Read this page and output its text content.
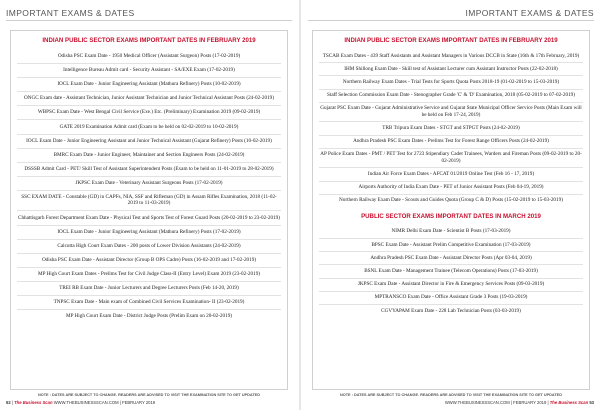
IMPORTANT EXAMS & DATES
INDIAN PUBLIC SECTOR EXAMS IMPORTANT DATES IN FEBRUARY 2019
Odisha PSC Exam Date - 1950 Medical Officer (Assistant Surgeon) Posts (17-02-2019)
Intelligence Bureau Admit card - Security Assistant - SA/EXE Exam (17-02-2019)
IOCL Exam Date - Junior Engineering Assistant (Mathura Refinery) Posts (10-02-2019)
ONGC Exam date - Assistant Technician, Junior Assistant Technician and Junior Technical Assistant Posts (24-02-2019)
WBPSC Exam Date - West Bengal Civil Service (Exe.) Etc. (Preliminary) Examination 2019 (09-02-2019)
GATE 2019 Examination Admit card (Exam to be held on 02-02-2019 to 10-02-2019)
IOCL Exam Date - Junior Engineering Assistant and Junior Technical Assistant (Gujarat Refinery) Posts (10-02-2019)
BMRC Exam Date - Junior Engineer, Maintainer and Section Engineers Posts (24-02-2019)
DSSSB Admit Card - PET/ Skill Test of Assistant Superintendent Posts (Exam to be held on 11-01-2019 to 28-02-2019)
JKPSC Exam Date - Veterinary Assistant Surgeons Posts (17-02-2019)
SSC EXAM DATE - Constable (GD) in CAPFs, NIA, SSF and Rifleman (GD) in Assam Rifles Examination, 2018 (11-02-2019 to 11-03-2019)
Chhattisgarh Forest Department Exam Date - Physical Test and Sports Test of Forest Guard Posts (20-02-2019 to 23-02-2019)
IOCL Exam Date - Junior Engineering Assistant (Mathura Refinery) Posts (17-02-2019)
Calcutta High Court Exam Dates - 200 posts of Lower Division Assistants (24-02-2019)
Odisha PSC Exam Date - Assistant Director (Group B OPS Cadre) Posts (16-02-2019 and 17-02-2019)
MP High Court Exam Dates - Prelims Test for Civil Judge Class-II (Entry Level) Exam 2019 (23-02-2019)
TREI RB Exam Date - Junior Lecturers and Degree Lecturers Posts (Feb 14-20, 2019)
TNPSC Exam Date - Main exam of Combined Civil Services Examination- II (23-02-2019)
MP High Court Exam Date - District Judge Posts (Prelim Exam on 20-02-2019)
NOTE : DATES ARE SUBJECT TO CHANGE. READERS ARE ADVISED TO VISIT THE EXAMINATION SITE TO GET UPDATED
52 | The Business Scan WWW.THEBUSINESSSCAN.COM | FEBRUARY 2019
IMPORTANT EXAMS & DATES
INDIAN PUBLIC SECTOR EXAMS IMPORTANT DATES IN FEBRUARY 2019
TSCAB Exam Dates - 439 Staff Assistants and Assistant Managers in Various DCCB in State (16th & 17th February, 2019)
IHM Shillong Exam Date - Skill test of Assistant Lecturer cum Assistant Instructor Posts (22-02-2018)
Northern Railway Exam Dates - Trial Tests for Sports Quota Posts 2018-19 (01-02-2019 to 15-03-2019)
Staff Selection Commission Exam Date - Stenographer Grade 'C' & 'D' Examination, 2018 (05-02-2019 to 07-02-2019)
Gujarat PSC Exam Date - Gujarat Administrative Service and Gujarat State Municipal Officer Service Posts (Main Exam will be held on Feb 17-24, 2019)
TRB Tripura Exam Dates - STGT and STPGT Posts (24-02-2019)
Andhra Pradesh PSC Exam Dates - Prelims Test for Forest Range Officers Posts (24-02-2019)
AP Police Exam Dates - PMT / PET Test for 2723 Stipendiary Cadet Trainees, Warders and Fireman Posts (09-02-2019 to 20-02-2019)
Indian Air Force Exam Dates - AFCAT 01/2019 Online Test (Feb 16 - 17, 2019)
Airports Authority of India Exam Date - PET of Junior Assistant Posts (Feb 04-19, 2019)
Northern Railway Exam Date - Scouts and Guides Quota (Group C & D) Posts (15-02-2019 to 15-03-2019)
PUBLIC SECTOR EXAMS IMPORTANT DATES IN MARCH 2019
NIMR Delhi Exam Date - Scientist B Posts (17-03-2019)
BPSC Exam Date - Assistant Prelim Competitive Examination (17-03-2019)
Andhra Pradesh PSC Exam Date - Assistant Director Posts (Apr 03-04, 2019)
BSNL Exam Date - Management Trainee (Telecom Operations) Posts (17-03-2019)
JKPSC Exam Date - Assistant Director in Fire & Emergency Services Posts (09-03-2019)
MPTRANSCO Exam Date - Office Assistant Grade 3 Posts (19-03-2019)
CGVYAPAM Exam Date - 228 Lab Technician Posts (03-03-2019)
NOTE : DATES ARE SUBJECT TO CHANGE. READERS ARE ADVISED TO VISIT THE EXAMINATION SITE TO GET UPDATED
WWW.THEBUSINESSSCAN.COM | FEBRUARY 2019 | The Business Scan 53
